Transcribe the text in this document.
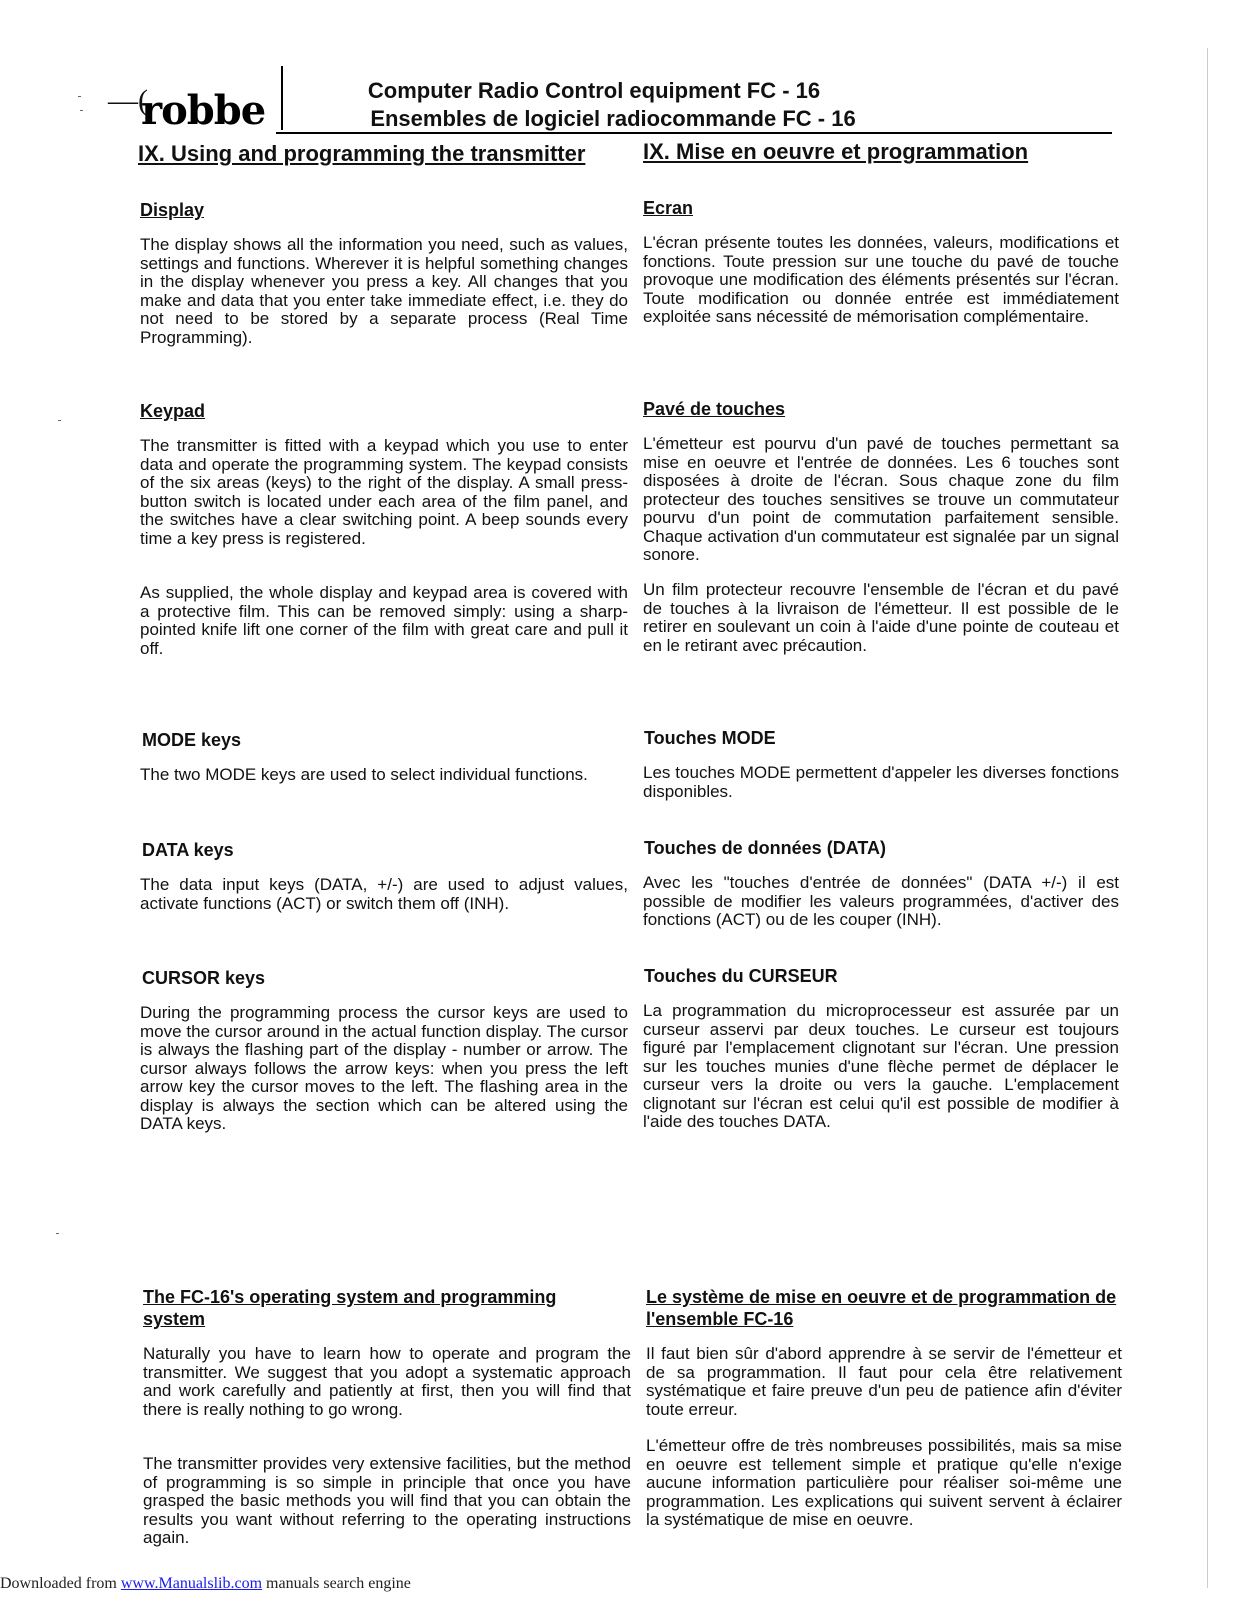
—(
robbe	Computer Radio Control equipment FC - 16
Ensembles de logiciel radiocommande FC - 16
IX. Using and programming the transmitter
Display
The display shows all the information you need, such as values, settings and functions. Wherever it is helpful something changes in the display whenever you press a key. All changes that you make and data that you enter take immediate effect, i.e. they do not need to be stored by a separate process (Real Time Programming).
Keypad
The transmitter is fitted with a keypad which you use to enter data and operate the programming system. The keypad consists of the six areas (keys) to the right of the display. A small press-button switch is located under each area of the film panel, and the switches have a clear switching point. A beep sounds every time a key press is registered.
As supplied, the whole display and keypad area is covered with a protective film. This can be removed simply: using a sharp-pointed knife lift one corner of the film with great care and pull it off.
MODE keys
The two MODE keys are used to select individual functions.
DATA keys
The data input keys (DATA, +/-) are used to adjust values, activate functions (ACT) or switch them off (INH).
CURSOR keys
During the programming process the cursor keys are used to move the cursor around in the actual function display. The cursor is always the flashing part of the display - number or arrow. The cursor always follows the arrow keys: when you press the left arrow key the cursor moves to the left. The flashing area in the display is always the section which can be altered using the DATA keys.
The FC-16's operating system and programming system
Naturally you have to learn how to operate and program the transmitter. We suggest that you adopt a systematic approach and work carefully and patiently at first, then you will find that there is really nothing to go wrong.
The transmitter provides very extensive facilities, but the method of programming is so simple in principle that once you have grasped the basic methods you will find that you can obtain the results you want without referring to the operating instructions again.
IX. Mise en oeuvre et programmation
Ecran
L'écran présente toutes les données, valeurs, modifications et fonctions. Toute pression sur une touche du pavé de touche provoque une modification des éléments présentés sur l'écran. Toute modification ou donnée entrée est immédiatement exploitée sans nécessité de mémorisation complémentaire.
Pavé de touches
L'émetteur est pourvu d'un pavé de touches permettant sa mise en oeuvre et l'entrée de données. Les 6 touches sont disposées à droite de l'écran. Sous chaque zone du film protecteur des touches sensitives se trouve un commutateur pourvu d'un point de commutation parfaitement sensible. Chaque activation d'un commutateur est signalée par un signal sonore.
Un film protecteur recouvre l'ensemble de l'écran et du pavé de touches à la livraison de l'émetteur. Il est possible de le retirer en soulevant un coin à l'aide d'une pointe de couteau et en le retirant avec précaution.
Touches MODE
Les touches MODE permettent d'appeler les diverses fonctions disponibles.
Touches de données (DATA)
Avec les "touches d'entrée de données" (DATA +/-) il est possible de modifier les valeurs programmées, d'activer des fonctions (ACT) ou de les couper (INH).
Touches du CURSEUR
La programmation du microprocesseur est assurée par un curseur asservi par deux touches. Le curseur est toujours figuré par l'emplacement clignotant sur l'écran. Une pression sur les touches munies d'une flèche permet de déplacer le curseur vers la droite ou vers la gauche. L'emplacement clignotant sur l'écran est celui qu'il est possible de modifier à l'aide des touches DATA.
Le système de mise en oeuvre et de programmation de l'ensemble FC-16
Il faut bien sûr d'abord apprendre à se servir de l'émetteur et de sa programmation. Il faut pour cela être relativement systématique et faire preuve d'un peu de patience afin d'éviter toute erreur.
L'émetteur offre de très nombreuses possibilités, mais sa mise en oeuvre est tellement simple et pratique qu'elle n'exige aucune information particulière pour réaliser soi-même une programmation. Les explications qui suivent servent à éclairer la systématique de mise en oeuvre.
Downloaded from www.Manualslib.com manuals search engine
